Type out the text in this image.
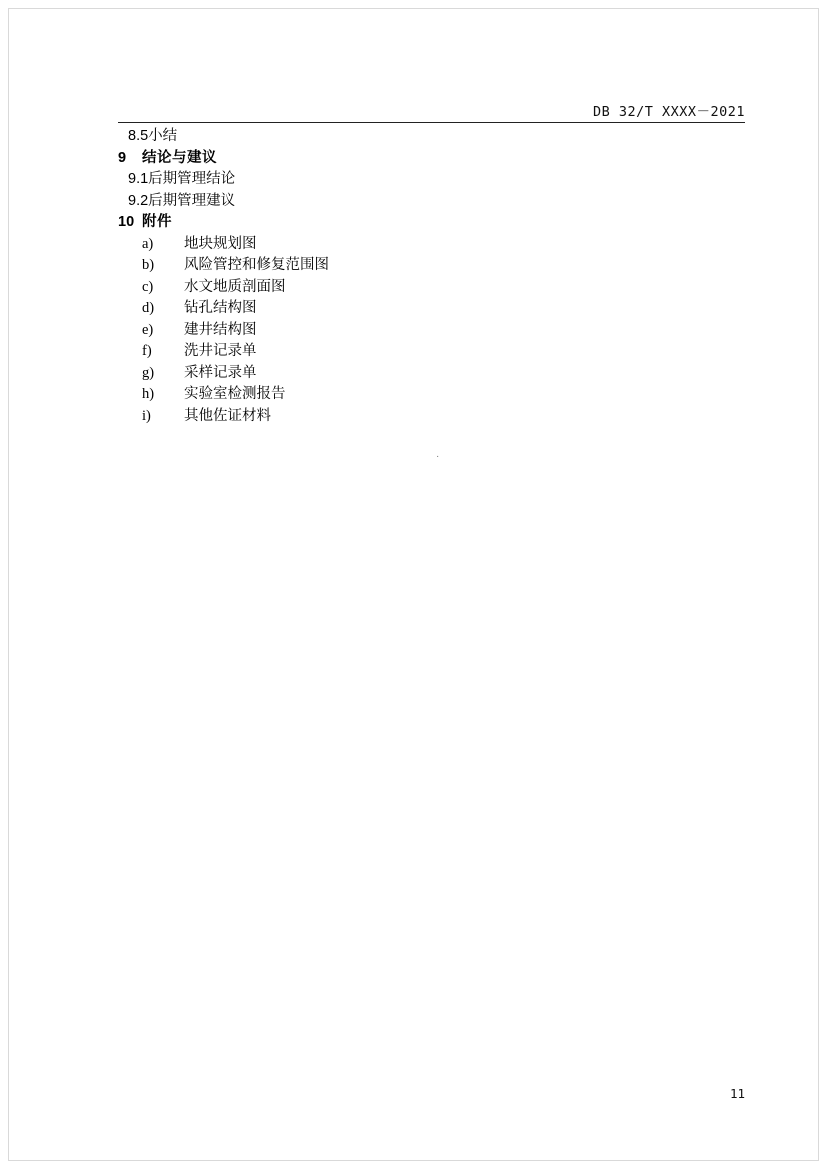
DB 32/T XXXX－2021
8.5小结
9 结论与建议
9.1后期管理结论
9.2后期管理建议
10 附件
a)	地块规划图
b)	风险管控和修复范围图
c)	水文地质剖面图
d)	钻孔结构图
e)	建井结构图
f)	洗井记录单
g)	采样记录单
h)	实验室检测报告
i)	其他佐证材料
·
11
